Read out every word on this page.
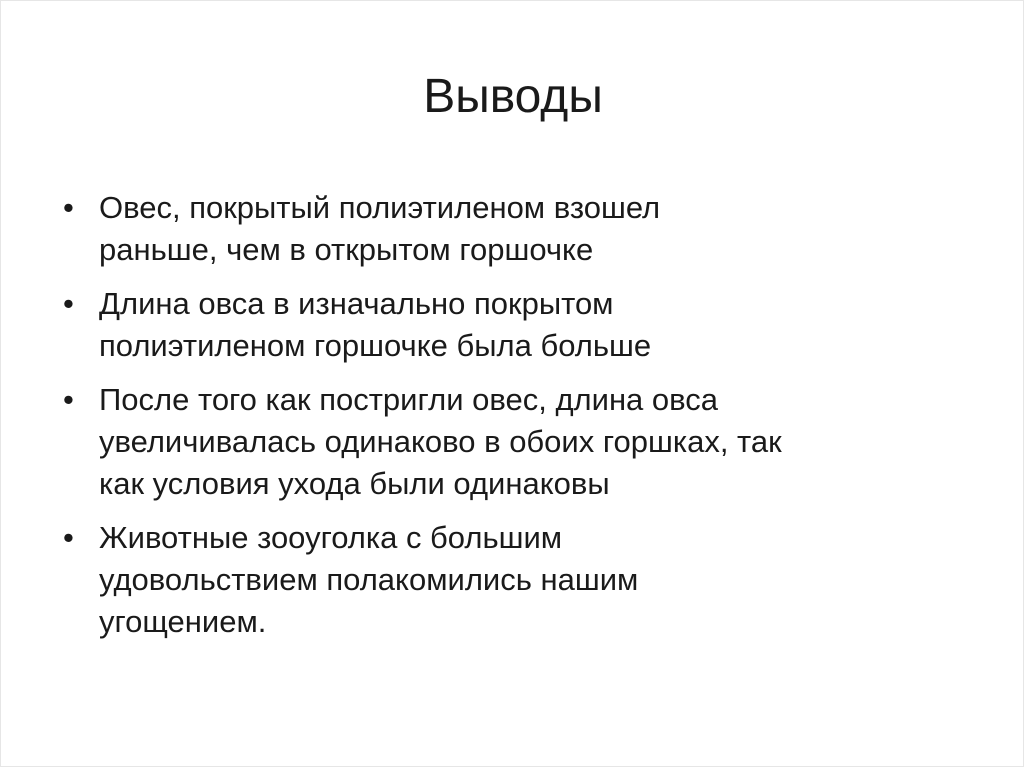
Выводы
• Овес, покрытый полиэтиленом взошел
раньше, чем в открытом горшочке
• Длина овса в изначально покрытом
полиэтиленом горшочке была больше
• После того как постригли овес, длина овса
увеличивалась одинаково в обоих горшках, так
как условия ухода были одинаковы
• Животные зооуголка с большим
удовольствием полакомились нашим
угощением.
